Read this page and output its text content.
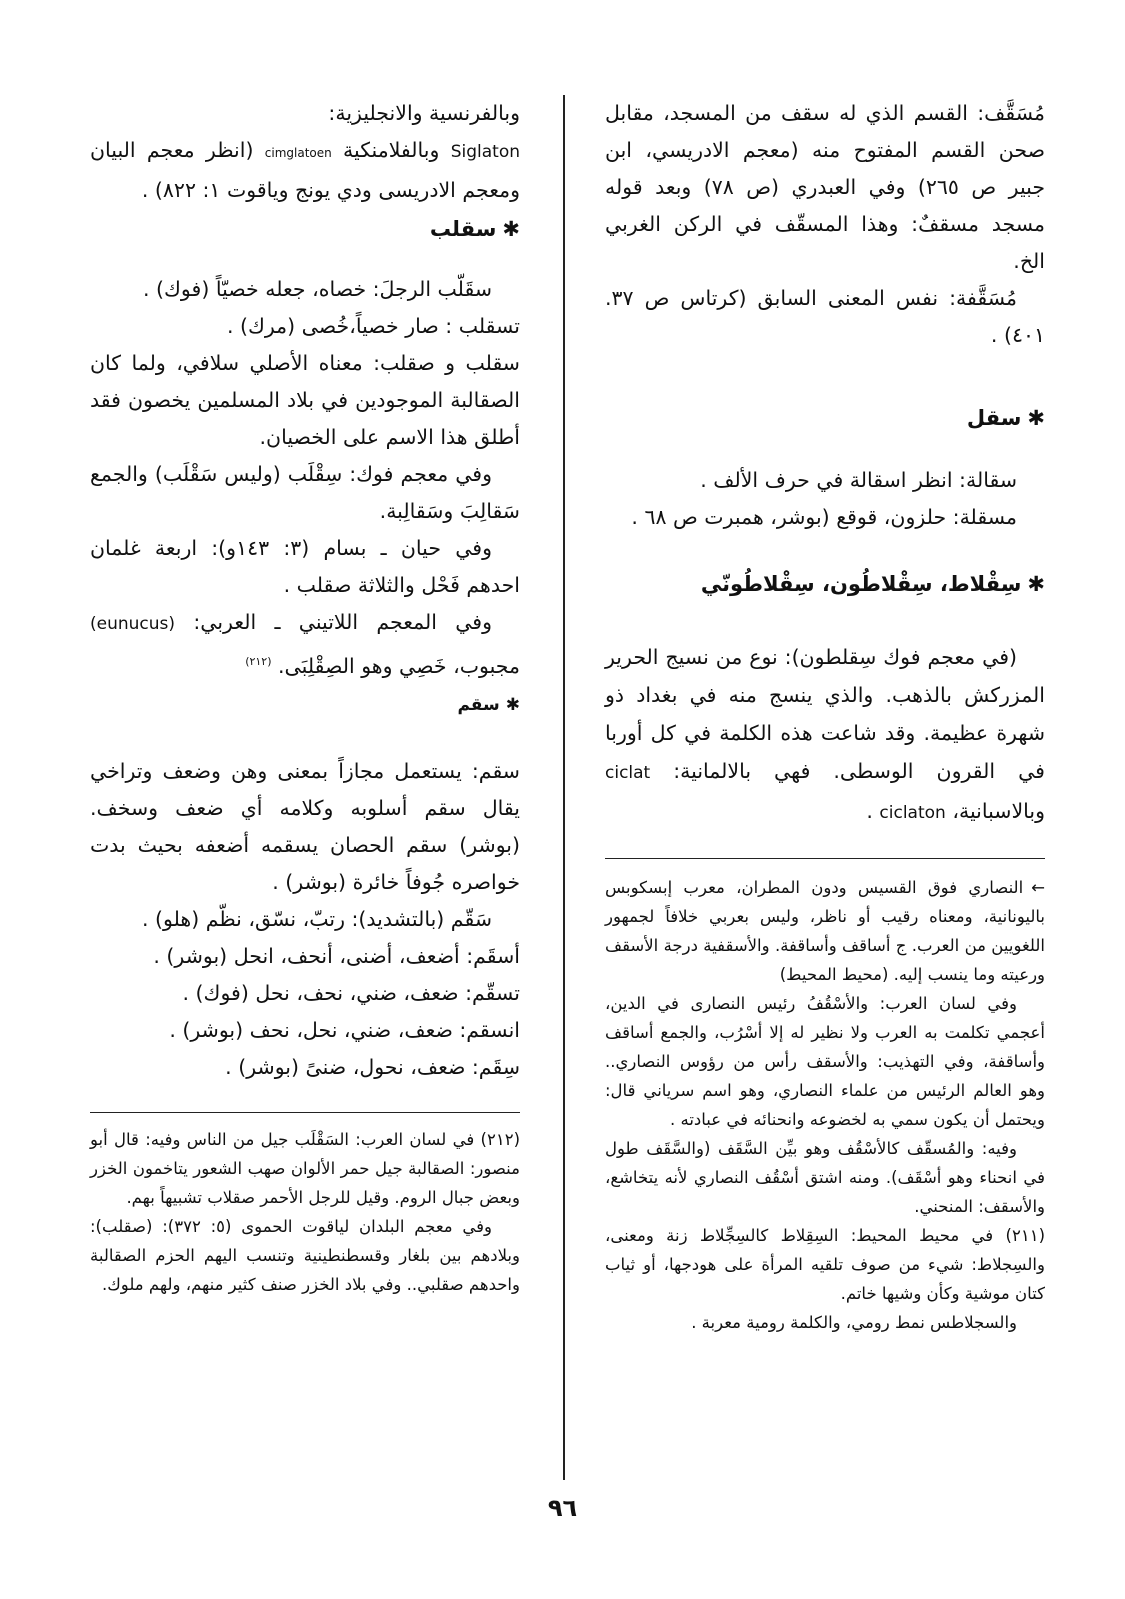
مُسَقَّف: القسم الذي له سقف من المسجد، مقابل صحن القسم المفتوح منه (معجم الادريسي، ابن جبير ص ٢٦٥) وفي العبدري (ص ٧٨) وبعد قوله مسجد مسقفٌ: وهذا المسقّف في الركن الغربي الخ.

مُسَقَّفة: نفس المعنى السابق (كرتاس ص ٣٧. ٤٠١) .

✱سقل

سقالة: انظر اسقالة في حرف الألف .

مسقلة: حلزون، قوقع (بوشر، همبرت ص ٦٨ .

✱سِقْلاط، سِقْلاطُون، سِقْلاطُونّي

(في معجم فوك سِقلطون): نوع من نسيج الحرير المزركش بالذهب. والذي ينسج منه في بغداد ذو شهرة عظيمة. وقد شاعت هذه الكلمة في كل أوربا في القرون الوسطى. فهي بالالمانية: ciclat وبالاسبانية، ciclaton .

←النصاري فوق القسيس ودون المطران، معرب إبسكوبس باليونانية، ومعناه رقيب أو ناظر، وليس بعربي خلافاً لجمهور اللغويين من العرب. ج أساقف وأساقفة. والأسقفية درجة الأسقف ورعيته وما ينسب إليه. (محيط المحيط)

وفي لسان العرب: والأسْقُفُ رئيس النصارى في الدين، أعجمي تكلمت به العرب ولا نظير له إلا أسْرُب، والجمع أساقف وأساقفة، وفي التهذيب: والأسقف رأس من رؤوس النصاري.. وهو العالم الرئيس من علماء النصاري، وهو اسم سرياني قال: ويحتمل أن يكون سمي به لخضوعه وانحنائه في عبادته .

وفيه: والمُسقّف كالأسْقُف وهو بيِّن السَّقَف (والسَّقَف طول في انحناء وهو أسْقَف). ومنه اشتق أسْقُف النصاري لأنه يتخاشع، والأسقف: المنحني.

(٢١١) في محيط المحيط: السِقِلاط كالسِجِّلاط زنة ومعنى، والسِجلاط: شيء من صوف تلقيه المرأة على هودجها، أو ثياب كتان موشية وكأن وشيها خاتم.

والسجلاطس نمط رومي، والكلمة رومية معربة .

وبالفرنسية والانجليزية:

Siglaton وبالفلامنكية cimglatoen (انظر معجم البيان ومعجم الادريسى ودي يونج وياقوت ١: ٨٢٢) .

✱سقلب

سقَلّب الرجلَ: خصاه، جعله خصيّاً (فوك) .

تسقلب : صار خصياً،خُصى (مرك) .

سقلب و صقلب: معناه الأصلي سلافي، ولما كان الصقالبة الموجودين في بلاد المسلمين يخصون فقد أطلق هذا الاسم على الخصيان.

وفي معجم فوك: سِقْلَب (وليس سَقْلَب) والجمع سَقالِبَ وسَقالِبة.

وفي حيان ـ بسام (٣: ١٤٣و): اربعة غلمان احدهم فَحْل والثلاثة صقلب .

وفي المعجم اللاتيني ـ العربي: (eunucus) مجبوب، خَصِي وهو الصِقْلِبَى. $^{(٢١٢)}$

✱سقم

سقم: يستعمل مجازاً بمعنى وهن وضعف وتراخي يقال سقم أسلوبه وكلامه أي ضعف وسخف. (بوشر) سقم الحصان يسقمه أضعفه بحيث بدت خواصره جُوفاً خائرة (بوشر) .

سَقّم (بالتشديد): رتبّ، نسّق، نظّم (هلو) .

أسقَم: أضعف، أضنى، أنحف، انحل (بوشر) .

تسقّم: ضعف، ضني، نحف، نحل (فوك) .

انسقم: ضعف، ضني، نحل، نحف (بوشر) .

سِقَم: ضعف، نحول، ضنىً (بوشر) .

(٢١٢) في لسان العرب: السَقْلَب جيل من الناس وفيه: قال أبو منصور: الصقالبة جيل حمر الألوان صهب الشعور يتاخمون الخزر وبعض جبال الروم. وقيل للرجل الأحمر صقلاب تشبيهاً بهم.

وفي معجم البلدان لياقوت الحموى (٥: ٣٧٢): (صقلب): وبلادهم بين بلغار وقسطنطينية وتنسب اليهم الحزم الصقالبة واحدهم صقلبي.. وفي بلاد الخزر صنف كثير منهم، ولهم ملوك.

٩٦
